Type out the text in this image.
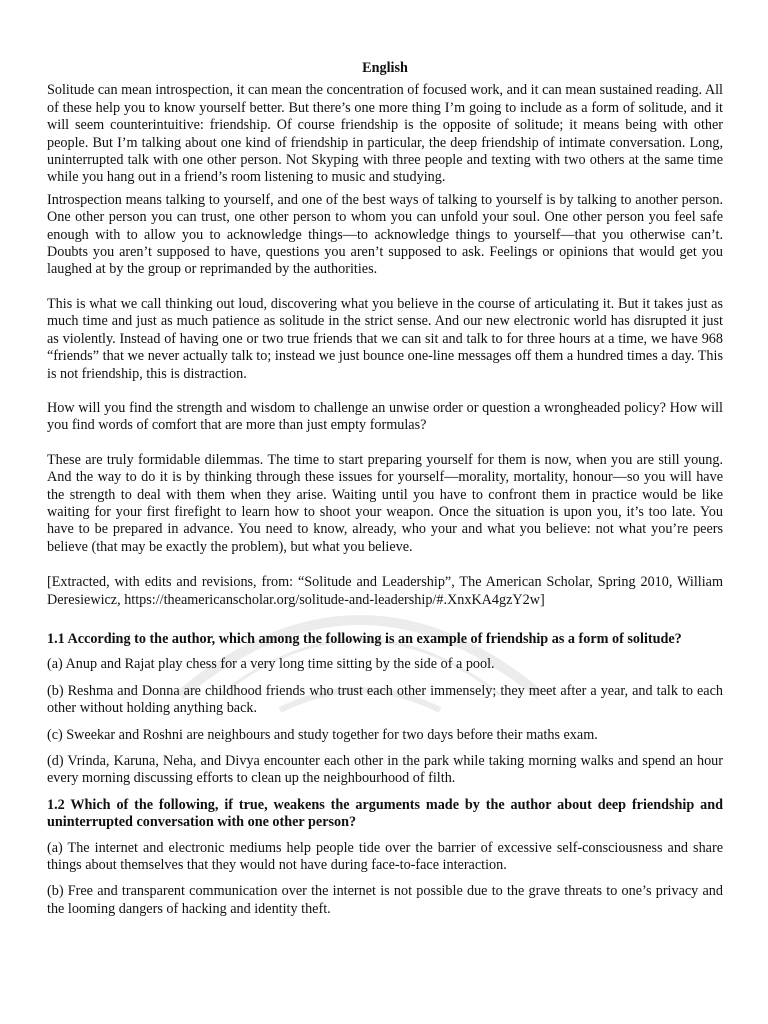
English

Solitude can mean introspection, it can mean the concentration of focused work, and it can mean sustained reading. All of these help you to know yourself better. But there’s one more thing I’m going to include as a form of solitude, and it will seem counterintuitive: friendship. Of course friendship is the opposite of solitude; it means being with other people. But I’m talking about one kind of friendship in particular, the deep friendship of intimate conversation. Long, uninterrupted talk with one other person. Not Skyping with three people and texting with two others at the same time while you hang out in a friend’s room listening to music and studying.

Introspection means talking to yourself, and one of the best ways of talking to yourself is by talking to another person. One other person you can trust, one other person to whom you can unfold your soul. One other person you feel safe enough with to allow you to acknowledge things—to acknowledge things to yourself—that you otherwise can’t. Doubts you aren’t supposed to have, questions you aren’t supposed to ask. Feelings or opinions that would get you laughed at by the group or reprimanded by the authorities.

This is what we call thinking out loud, discovering what you believe in the course of articulating it. But it takes just as much time and just as much patience as solitude in the strict sense. And our new electronic world has disrupted it just as violently. Instead of having one or two true friends that we can sit and talk to for three hours at a time, we have 968 “friends” that we never actually talk to; instead we just bounce one-line messages off them a hundred times a day. This is not friendship, this is distraction.

How will you find the strength and wisdom to challenge an unwise order or question a wrongheaded policy? How will you find words of comfort that are more than just empty formulas?

These are truly formidable dilemmas. The time to start preparing yourself for them is now, when you are still young. And the way to do it is by thinking through these issues for yourself—morality, mortality, honour—so you will have the strength to deal with them when they arise. Waiting until you have to confront them in practice would be like waiting for your first firefight to learn how to shoot your weapon. Once the situation is upon you, it’s too late. You have to be prepared in advance. You need to know, already, who your and what you believe: not what you’re peers believe (that may be exactly the problem), but what you believe.

[Extracted, with edits and revisions, from: “Solitude and Leadership”, The American Scholar, Spring 2010, William Deresiewicz, https://theamericanscholar.org/solitude-and-leadership/#.XnxKA4gzY2w]

1.1 According to the author, which among the following is an example of friendship as a form of solitude?

(a) Anup and Rajat play chess for a very long time sitting by the side of a pool.

(b) Reshma and Donna are childhood friends who trust each other immensely; they meet after a year, and talk to each other without holding anything back.

(c) Sweekar and Roshni are neighbours and study together for two days before their maths exam.

(d) Vrinda, Karuna, Neha, and Divya encounter each other in the park while taking morning walks and spend an hour every morning discussing efforts to clean up the neighbourhood of filth.

1.2 Which of the following, if true, weakens the arguments made by the author about deep friendship and uninterrupted conversation with one other person?

(a) The internet and electronic mediums help people tide over the barrier of excessive self-consciousness and share things about themselves that they would not have during face-to-face interaction.

(b) Free and transparent communication over the internet is not possible due to the grave threats to one’s privacy and the looming dangers of hacking and identity theft.
